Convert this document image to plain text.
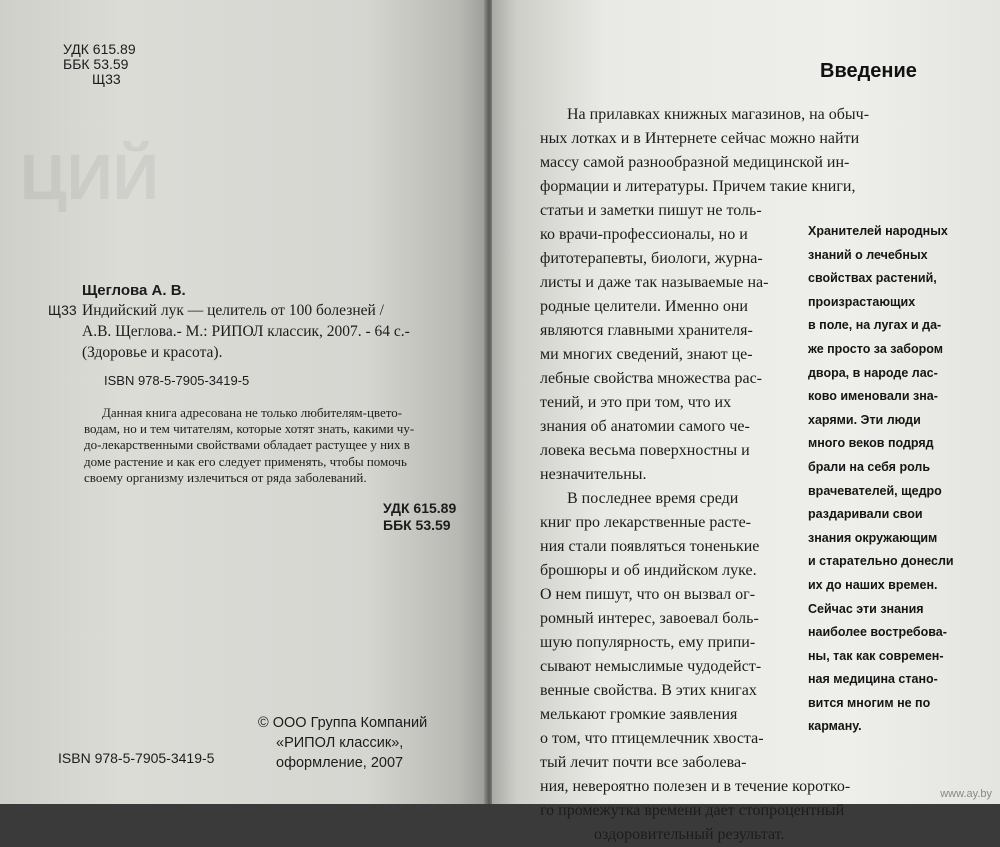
ЦИЙ
УДК 615.89
ББК 53.59
Щ33
Щеглова А. В.
Щ33 Индийский лук — целитель от 100 болезней /
А.В. Щеглова.- М.: РИПОЛ классик, 2007. - 64 с.-
(Здоровье и красота).
ISBN 978-5-7905-3419-5
Данная книга адресована не только любителям-цвето-
водам, но и тем читателям, которые хотят знать, какими чу-
до-лекарственными свойствами обладает растущее у них в
доме растение и как его следует применять, чтобы помочь
своему организму излечиться от ряда заболеваний.
УДК 615.89
ББК 53.59
© ООО Группа Компаний
«РИПОЛ классик»,
оформление, 2007
ISBN 978-5-7905-3419-5
Введение
На прилавках книжных магазинов, на обыч-
ных лотках и в Интернете сейчас можно найти
массу самой разнообразной медицинской ин-
формации и литературы. Причем такие книги,
статьи и заметки пишут не толь-
ко врачи-профессионалы, но и
фитотерапевты, биологи, журна-
листы и даже так называемые на-
родные целители. Именно они
являются главными хранителя-
ми многих сведений, знают це-
лебные свойства множества рас-
тений, и это при том, что их
знания об анатомии самого че-
ловека весьма поверхностны и
незначительны.
В последнее время среди
книг про лекарственные расте-
ния стали появляться тоненькие
брошюры и об индийском луке.
О нем пишут, что он вызвал ог-
ромный интерес, завоевал боль-
шую популярность, ему припи-
сывают немыслимые чудодейст-
венные свойства. В этих книгах
мелькают громкие заявления
о том, что птицемлечник хвоста-
тый лечит почти все заболева-
ния, невероятно полезен и в течение коротко-
го промежутка времени дает стопроцентный
оздоровительный результат.
Хранителей народных
знаний о лечебных
свойствах растений,
произрастающих
в поле, на лугах и да-
же просто за забором
двора, в народе лас-
ково именовали зна-
харями. Эти люди
много веков подряд
брали на себя роль
врачевателей, щедро
раздаривали свои
знания окружающим
и старательно донесли
их до наших времен.
Сейчас эти знания
наиболее востребова-
ны, так как современ-
ная медицина стано-
вится многим не по
карману.
www.ay.by
